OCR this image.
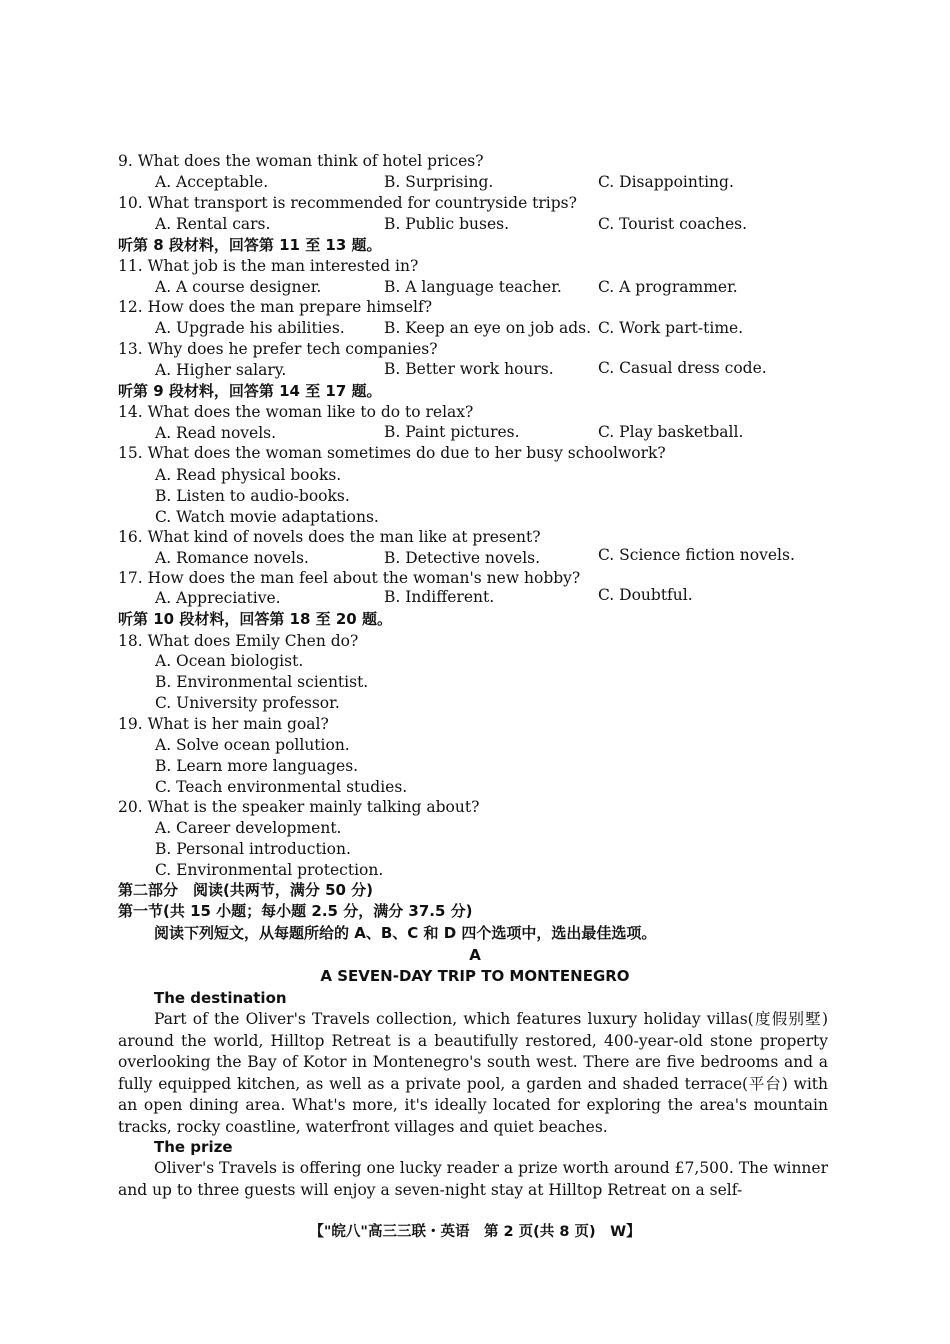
9. What does the woman think of hotel prices?
A. Acceptable.	B. Surprising.	C. Disappointing.
10. What transport is recommended for countryside trips?
A. Rental cars.	B. Public buses.	C. Tourist coaches.
听第 8 段材料，回答第 11 至 13 题。
11. What job is the man interested in?
A. A course designer.	B. A language teacher. C. A programmer.
12. How does the man prepare himself?
A. Upgrade his abilities.	B. Keep an eye on job ads. C. Work part-time.
13. Why does he prefer tech companies?
A. Higher salary.	B. Better work hours.	C. Casual dress code.
听第 9 段材料，回答第 14 至 17 题。
14. What does the woman like to do to relax?
A. Read novels.	B. Paint pictures.	C. Play basketball.
15. What does the woman sometimes do due to her busy schoolwork?
A. Read physical books.
B. Listen to audio-books.
C. Watch movie adaptations.
16. What kind of novels does the man like at present?
A. Romance novels.	B. Detective novels.	C. Science fiction novels.
17. How does the man feel about the woman's new hobby?
A. Appreciative.	B. Indifferent.	C. Doubtful.
听第 10 段材料，回答第 18 至 20 题。
18. What does Emily Chen do?
A. Ocean biologist.
B. Environmental scientist.
C. University professor.
19. What is her main goal?
A. Solve ocean pollution.
B. Learn more languages.
C. Teach environmental studies.
20. What is the speaker mainly talking about?
A. Career development.
B. Personal introduction.
C. Environmental protection.
第二部分　阅读(共两节，满分 50 分)
第一节(共 15 小题；每小题 2.5 分，满分 37.5 分)
阅读下列短文，从每题所给的 A、B、C 和 D 四个选项中，选出最佳选项。
A
A SEVEN-DAY TRIP TO MONTENEGRO
The destination

Part of the Oliver's Travels collection, which features luxury holiday villas(度假别墅) around the world, Hilltop Retreat is a beautifully restored, 400-year-old stone property overlooking the Bay of Kotor in Montenegro's south west. There are five bedrooms and a fully equipped kitchen, as well as a private pool, a garden and shaded terrace(平台) with an open dining area. What's more, it's ideally located for exploring the area's mountain tracks, rocky coastline, waterfront villages and quiet beaches.

The prize

Oliver's Travels is offering one lucky reader a prize worth around £7,500. The winner and up to three guests will enjoy a seven-night stay at Hilltop Retreat on a self-

【"皖八"高三三联・英语　第 2 页(共 8 页)　W】
